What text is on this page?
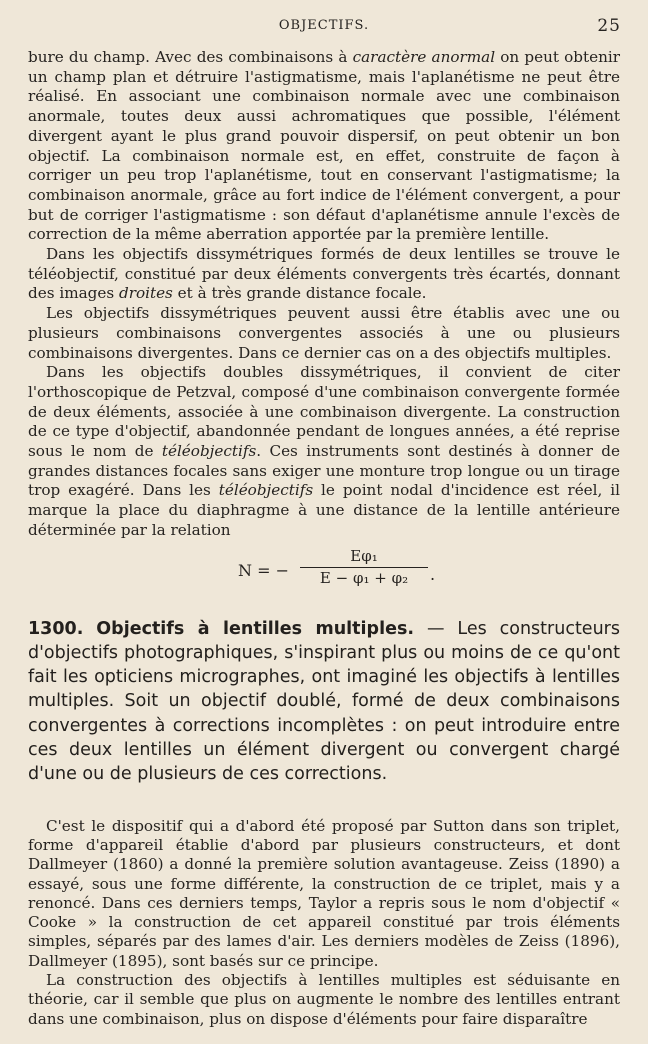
OBJECTIFS.	25

bure du champ. Avec des combinaisons à caractère anormal on peut obtenir un champ plan et détruire l'astigmatisme, mais l'aplanétisme ne peut être réalisé. En associant une combinaison normale avec une combinaison anormale, toutes deux aussi achromatiques que possible, l'élément divergent ayant le plus grand pouvoir dispersif, on peut obtenir un bon objectif. La combinaison normale est, en effet, construite de façon à corriger un peu trop l'aplanétisme, tout en conservant l'astigmatisme; la combinaison anormale, grâce au fort indice de l'élément convergent, a pour but de corriger l'astigmatisme : son défaut d'aplanétisme annule l'excès de correction de la même aberration apportée par la première lentille.

Dans les objectifs dissymétriques formés de deux lentilles se trouve le téléobjectif, constitué par deux éléments convergents très écartés, donnant des images droites et à très grande distance focale.

Les objectifs dissymétriques peuvent aussi être établis avec une ou plusieurs combinaisons convergentes associés à une ou plusieurs combinaisons divergentes. Dans ce dernier cas on a des objectifs multiples.

Dans les objectifs doubles dissymétriques, il convient de citer l'orthoscopique de Petzval, composé d'une combinaison convergente formée de deux éléments, associée à une combinaison divergente. La construction de ce type d'objectif, abandonnée pendant de longues années, a été reprise sous le nom de téléobjectifs. Ces instruments sont destinés à donner de grandes distances focales sans exiger une monture trop longue ou un tirage trop exagéré. Dans les téléobjectifs le point nodal d'incidence est réel, il marque la place du diaphragme à une distance de la lentille antérieure déterminée par la relation

N = − $\frac{\text{Eφ₁}}{\text{E − φ₁ + φ₂}}$ .
1300. Objectifs à lentilles multiples. — Les constructeurs d'objectifs photographiques, s'inspirant plus ou moins de ce qu'ont fait les opticiens micrographes, ont imaginé les objectifs à lentilles multiples. Soit un objectif doublé, formé de deux combinaisons convergentes à corrections incomplètes : on peut introduire entre ces deux lentilles un élément divergent ou convergent chargé d'une ou de plusieurs de ces corrections.

C'est le dispositif qui a d'abord été proposé par Sutton dans son triplet, forme d'appareil établie d'abord par plusieurs constructeurs, et dont Dallmeyer (1860) a donné la première solution avantageuse. Zeiss (1890) a essayé, sous une forme différente, la construction de ce triplet, mais y a renoncé. Dans ces derniers temps, Taylor a repris sous le nom d'objectif « Cooke » la construction de cet appareil constitué par trois éléments simples, séparés par des lames d'air. Les derniers modèles de Zeiss (1896), Dallmeyer (1895), sont basés sur ce principe.

La construction des objectifs à lentilles multiples est séduisante en théorie, car il semble que plus on augmente le nombre des lentilles entrant dans une combinaison, plus on dispose d'éléments pour faire disparaître
